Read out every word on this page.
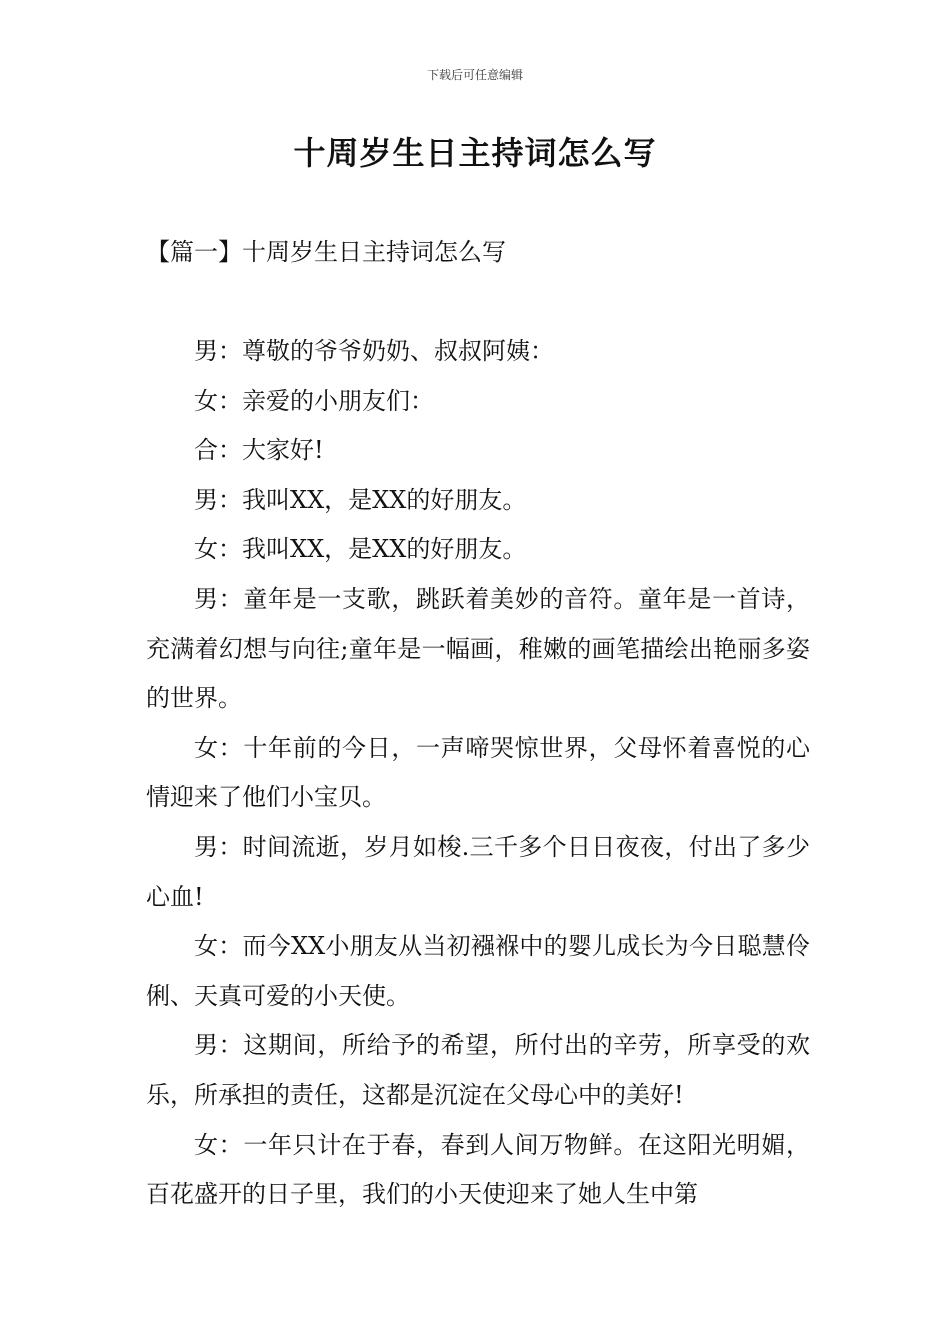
下载后可任意编辑
十周岁生日主持词怎么写
【篇一】十周岁生日主持词怎么写

男：尊敬的爷爷奶奶、叔叔阿姨：

女：亲爱的小朋友们：

合：大家好!

男：我叫XX，是XX的好朋友。

女：我叫XX，是XX的好朋友。

男：童年是一支歌，跳跃着美妙的音符。童年是一首诗，充满着幻想与向往;童年是一幅画，稚嫩的画笔描绘出艳丽多姿的世界。

女：十年前的今日，一声啼哭惊世界，父母怀着喜悦的心情迎来了他们小宝贝。

男：时间流逝，岁月如梭.三千多个日日夜夜，付出了多少心血!

女：而今XX小朋友从当初襁褓中的婴儿成长为今日聪慧伶俐、天真可爱的小天使。

男：这期间，所给予的希望，所付出的辛劳，所享受的欢乐，所承担的责任，这都是沉淀在父母心中的美好!

女：一年只计在于春，春到人间万物鲜。在这阳光明媚，百花盛开的日子里，我们的小天使迎来了她人生中第
